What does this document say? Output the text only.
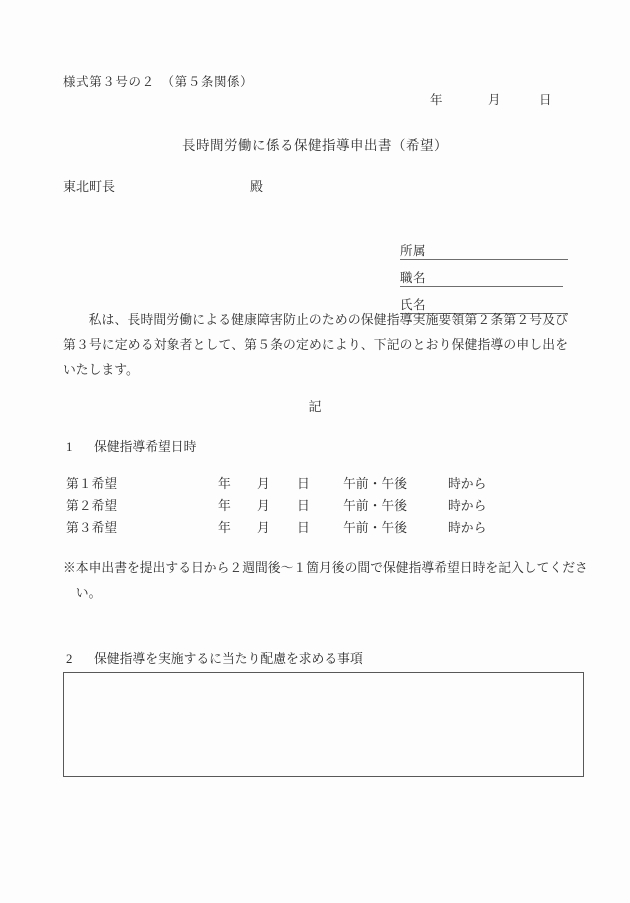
様式第３号の２　（第５条関係）
年	月	日
長時間労働に係る保健指導申出書（希望）
東北町長	殿
所属
職名
氏名
私は、長時間労働による健康障害防止のための保健指導実施要領第２条第２号及び第３号に定める対象者として、第５条の定めにより、下記のとおり保健指導の申し出をいたします。
記
1 保健指導希望日時
第１希望	年 月 日	午前・午後	時から
第２希望	年 月 日	午前・午後	時から
第３希望	年 月 日	午前・午後	時から
※本申出書を提出する日から２週間後〜１箇月後の間で保健指導希望日時を記入してください。
2 保健指導を実施するに当たり配慮を求める事項
